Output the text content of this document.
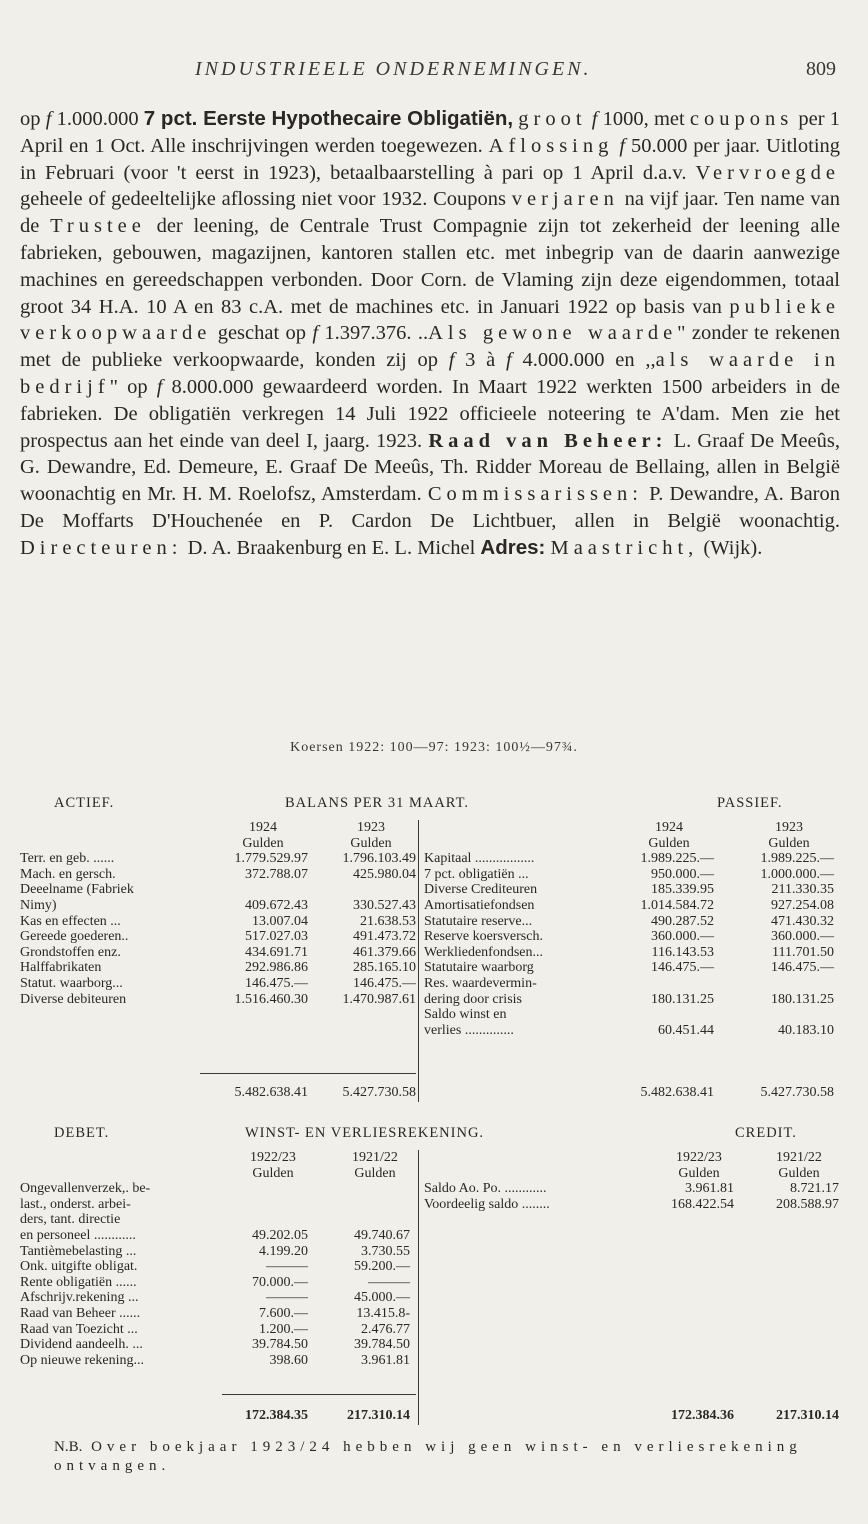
INDUSTRIEELE ONDERNEMINGEN.	809

op f 1.000.000 7 pct. Eerste Hypothecaire Obligatiën, groot f 1000, met coupons per 1 April en 1 Oct. Alle inschrijvingen werden toegewezen. Aflossing f 50.000 per jaar. Uitloting in Februari (voor 't eerst in 1923), betaalbaarstelling à pari op 1 April d.a.v. Vervroegde geheele of gedeeltelijke aflossing niet voor 1932. Coupons verjaren na vijf jaar. Ten name van de Trustee der leening, de Centrale Trust Compagnie zijn tot zekerheid der leening alle fabrieken, gebouwen, magazijnen, kantoren stallen etc. met inbegrip van de daarin aanwezige machines en gereedschappen verbonden. Door Corn. de Vlaming zijn deze eigendommen, totaal groot 34 H.A. 10 A en 83 c.A. met de machines etc. in Januari 1922 op basis van publieke verkoopwaarde geschat op f 1.397.376. ..Als gewone waarde" zonder te rekenen met de publieke verkoopwaarde, konden zij op f 3 à f 4.000.000 en ,,als waarde in bedrijf" op f 8.000.000 gewaardeerd worden. In Maart 1922 werkten 1500 arbeiders in de fabrieken. De obligatiën verkregen 14 Juli 1922 officieele noteering te A'dam. Men zie het prospectus aan het einde van deel I, jaarg. 1923. Raad van Beheer: L. Graaf De Meeûs, G. Dewandre, Ed. Demeure, E. Graaf De Meeûs, Th. Ridder Moreau de Bellaing, allen in België woonachtig en Mr. H. M. Roelofsz, Amsterdam. Commissarissen: P. Dewandre, A. Baron De Moffarts D'Houchenée en P. Cardon De Lichtbuer, allen in België woonachtig. Directeuren: D. A. Braakenburg en E. L. Michel Adres: Maastricht, (Wijk).

Koersen 1922: 100—97: 1923: 100½—97¾.
ACTIEF.	BALANS PER 31 MAART.	PASSIEF.
1924	1923
Gulden	Gulden
Terr. en geb. ......	1.779.529.97	1.796.103.49
Mach. en gersch.	372.788.07	425.980.04
Deeelname (Fabriek
Nimy)	409.672.43	330.527.43
Kas en effecten ...	13.007.04	21.638.53
Gereede goederen..	517.027.03	491.473.72
Grondstoffen enz.	434.691.71	461.379.66
Halffabrikaten	292.986.86	285.165.10
Statut. waarborg...	146.475.—	146.475.—
Diverse debiteuren	1.516.460.30	1.470.987.61
1924	1923
Gulden	Gulden
Kapitaal .................	1.989.225.—	1.989.225.—
7 pct. obligatiën ...	950.000.—	1.000.000.—
Diverse Crediteuren	185.339.95	211.330.35
Amortisatiefondsen	1.014.584.72	927.254.08
Statutaire reserve...	490.287.52	471.430.32
Reserve koersversch.	360.000.—	360.000.—
Werkliedenfondsen...	116.143.53	111.701.50
Statutaire waarborg	146.475.—	146.475.—
Res. waardevermin-
dering door crisis	180.131.25	180.131.25
Saldo winst en
verlies ..............	60.451.44	40.183.10
5.482.638.41	5.427.730.58	5.482.638.41	5.427.730.58
DEBET.	WINST- EN VERLIESREKENING.	CREDIT.
1922/23	1921/22
Gulden	Gulden
Ongevallenverzek,. be-
last., onderst. arbei-
ders, tant. directie
en personeel ............	49.202.05	49.740.67
Tantièmebelasting ...	4.199.20	3.730.55
Onk. uitgifte obligat.	———	59.200.—
Rente obligatiën ......	70.000.—	———
Afschrijv.rekening ...	———	45.000.—
Raad van Beheer ......	7.600.—	13.415.8-
Raad van Toezicht ...	1.200.—	2.476.77
Dividend aandeelh. ...	39.784.50	39.784.50
Op nieuwe rekening...	398.60	3.961.81
1922/23	1921/22
Gulden	Gulden
Saldo Ao. Po. ............	3.961.81	8.721.17
Voordeelig saldo ........	168.422.54	208.588.97
172.384.35	217.310.14	172.384.36	217.310.14
N.B. Over boekjaar 1923/24 hebben wij geen winst- en verliesrekening ontvangen.
